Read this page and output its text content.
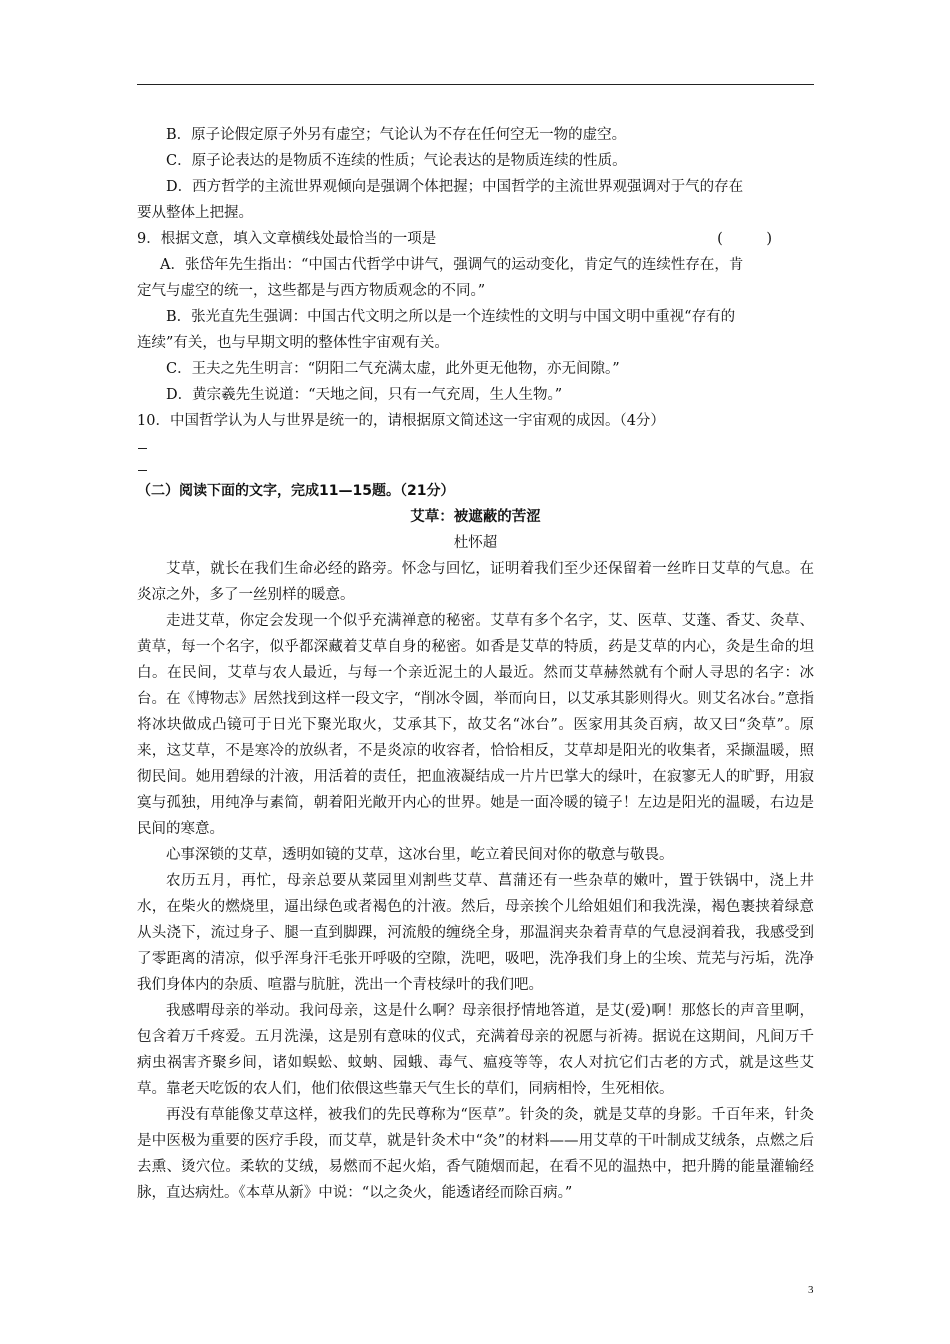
B．原子论假定原子外另有虚空；气论认为不存在任何空无一物的虚空。

C．原子论表达的是物质不连续的性质；气论表达的是物质连续的性质。

D．西方哲学的主流世界观倾向是强调个体把握；中国哲学的主流世界观强调对于气的存在

要从整体上把握。

9．根据文意，填入文章横线处最恰当的一项是	(　　　)

A．张岱年先生指出：“中国古代哲学中讲气，强调气的运动变化，肯定气的连续性存在，肯

定气与虚空的统一，这些都是与西方物质观念的不同。”

B．张光直先生强调：中国古代文明之所以是一个连续性的文明与中国文明中重视“存有的

连续”有关，也与早期文明的整体性宇宙观有关。

C．王夫之先生明言：“阴阳二气充满太虚，此外更无他物，亦无间隙。”

D．黄宗羲先生说道：“天地之间，只有一气充周，生人生物。”

10．中国哲学认为人与世界是统一的，请根据原文简述这一宇宙观的成因。（4分）

（二）阅读下面的文字，完成11—15题。（21分）

艾草：被遮蔽的苦涩

杜怀超

艾草，就长在我们生命必经的路旁。怀念与回忆，证明着我们至少还保留着一丝昨日艾草的气息。在炎凉之外，多了一丝别样的暖意。

走进艾草，你定会发现一个似乎充满禅意的秘密。艾草有多个名字，艾、医草、艾蓬、香艾、灸草、黄草，每一个名字，似乎都深藏着艾草自身的秘密。如香是艾草的特质，药是艾草的内心，灸是生命的坦白。在民间，艾草与农人最近，与每一个亲近泥土的人最近。然而艾草赫然就有个耐人寻思的名字：冰台。在《博物志》居然找到这样一段文字，“削冰令圆，举而向日，以艾承其影则得火。则艾名冰台。”意指将冰块做成凸镜可于日光下聚光取火，艾承其下，故艾名“冰台”。医家用其灸百病，故又曰“灸草”。原来，这艾草，不是寒冷的放纵者，不是炎凉的收容者，恰恰相反，艾草却是阳光的收集者，采撷温暖，照彻民间。她用碧绿的汁液，用活着的责任，把血液凝结成一片片巴掌大的绿叶，在寂寥无人的旷野，用寂寞与孤独，用纯净与素简，朝着阳光敞开内心的世界。她是一面冷暖的镜子！左边是阳光的温暖，右边是民间的寒意。

心事深锁的艾草，透明如镜的艾草，这冰台里，屹立着民间对你的敬意与敬畏。

农历五月，再忙，母亲总要从菜园里刈割些艾草、菖蒲还有一些杂草的嫩叶，置于铁锅中，浇上井水，在柴火的燃烧里，逼出绿色或者褐色的汁液。然后，母亲挨个儿给姐姐们和我洗澡，褐色裹挟着绿意从头浇下，流过身子、腿一直到脚踝，河流般的缠绕全身，那温润夹杂着青草的气息浸润着我，我感受到了零距离的清凉，似乎浑身汗毛张开呼吸的空隙，洗吧，吸吧，洗净我们身上的尘埃、荒芜与污垢，洗净我们身体内的杂质、喧嚣与肮脏，洗出一个青枝绿叶的我们吧。

我感喟母亲的举动。我问母亲，这是什么啊？母亲很抒情地答道，是艾(爱)啊！那悠长的声音里啊，包含着万千疼爱。五月洗澡，这是别有意味的仪式，充满着母亲的祝愿与祈祷。据说在这期间，凡间万千病虫祸害齐聚乡间，诸如蜈蚣、蚊蚋、园蛾、毒气、瘟疫等等，农人对抗它们古老的方式，就是这些艾草。靠老天吃饭的农人们，他们依偎这些靠天气生长的草们，同病相怜，生死相依。

再没有草能像艾草这样，被我们的先民尊称为“医草”。针灸的灸，就是艾草的身影。千百年来，针灸是中医极为重要的医疗手段，而艾草，就是针灸术中“灸”的材料——用艾草的干叶制成艾绒条，点燃之后去熏、烫穴位。柔软的艾绒，易燃而不起火焰，香气随烟而起，在看不见的温热中，把升腾的能量灌输经脉，直达病灶。《本草从新》中说：“以之灸火，能透诸经而除百病。”

3
